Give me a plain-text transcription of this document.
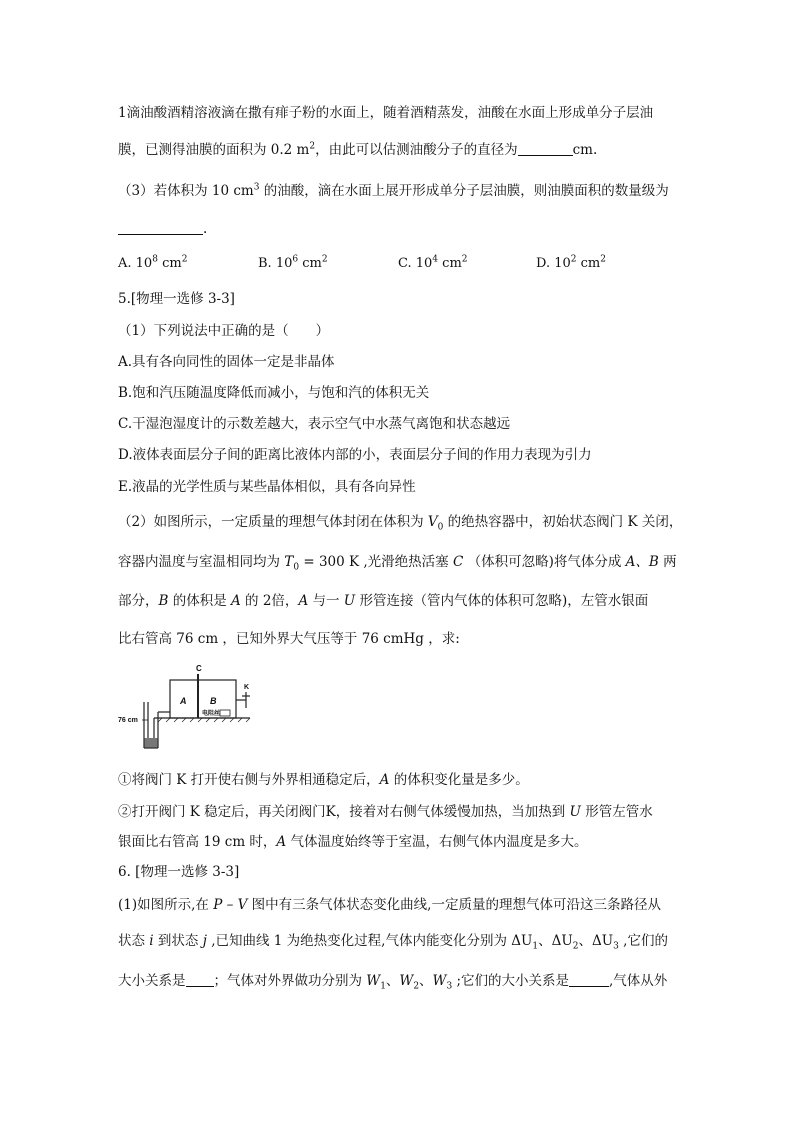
1滴油酸酒精溶液滴在撒有痱子粉的水面上，随着酒精蒸发，油酸在水面上形成单分子层油
膜，已测得油膜的面积为 0.2 $m^2$，由此可以估测油酸分子的直径为	cm.
（3）若体积为 10 $cm^3$ 的油酸，滴在水面上展开形成单分子层油膜，则油膜面积的数量级为
.
A. $10^8$ $cm^2$	B. $10^6$ $cm^2$	C. $10^4$ $cm^2$	D. $10^2$ $cm^2$
5.[物理一选修 3-3]
（1）下列说法中正确的是（　　）
A.具有各向同性的固体一定是非晶体
B.饱和汽压随温度降低而减小，与饱和汽的体积无关
C.干湿泡湿度计的示数差越大，表示空气中水蒸气离饱和状态越远
D.液体表面层分子间的距离比液体内部的小，表面层分子间的作用力表现为引力
E.液晶的光学性质与某些晶体相似，具有各向异性
（2）如图所示，一定质量的理想气体封闭在体积为 $V_0$ 的绝热容器中，初始状态阀门 K 关闭，
容器内温度与室温相同均为 $T_0 = 300$ K ,光滑绝热活塞 C （体积可忽略)将气体分成 A、B 两
部分，B 的体积是 A 的 2倍，A 与一 U 形管连接（管内气体的体积可忽略)，左管水银面
比右管高 76 cm ，已知外界大气压等于 76 cmHg ，求:
C
A	B
K
电阻丝
76 cm
①将阀门 K 打开使右侧与外界相通稳定后，A 的体积变化量是多少。
②打开阀门 K 稳定后，再关闭阀门K，接着对右侧气体缓慢加热，当加热到 U 形管左管水
银面比右管高 19 cm 时，A 气体温度始终等于室温，右侧气体内温度是多大。
6. [物理一选修 3-3]
(1)如图所示,在 P – V 图中有三条气体状态变化曲线,一定质量的理想气体可沿这三条路径从
状态 i 到状态 j ,已知曲线 1 为绝热变化过程,气体内能变化分别为 $\Delta U_1$、$\Delta U_2$、$\Delta U_3$ ,它们的
大小关系是 ；气体对外界做功分别为 $W_1$、$W_2$、$W_3$ ;它们的大小关系是	,气体从外
